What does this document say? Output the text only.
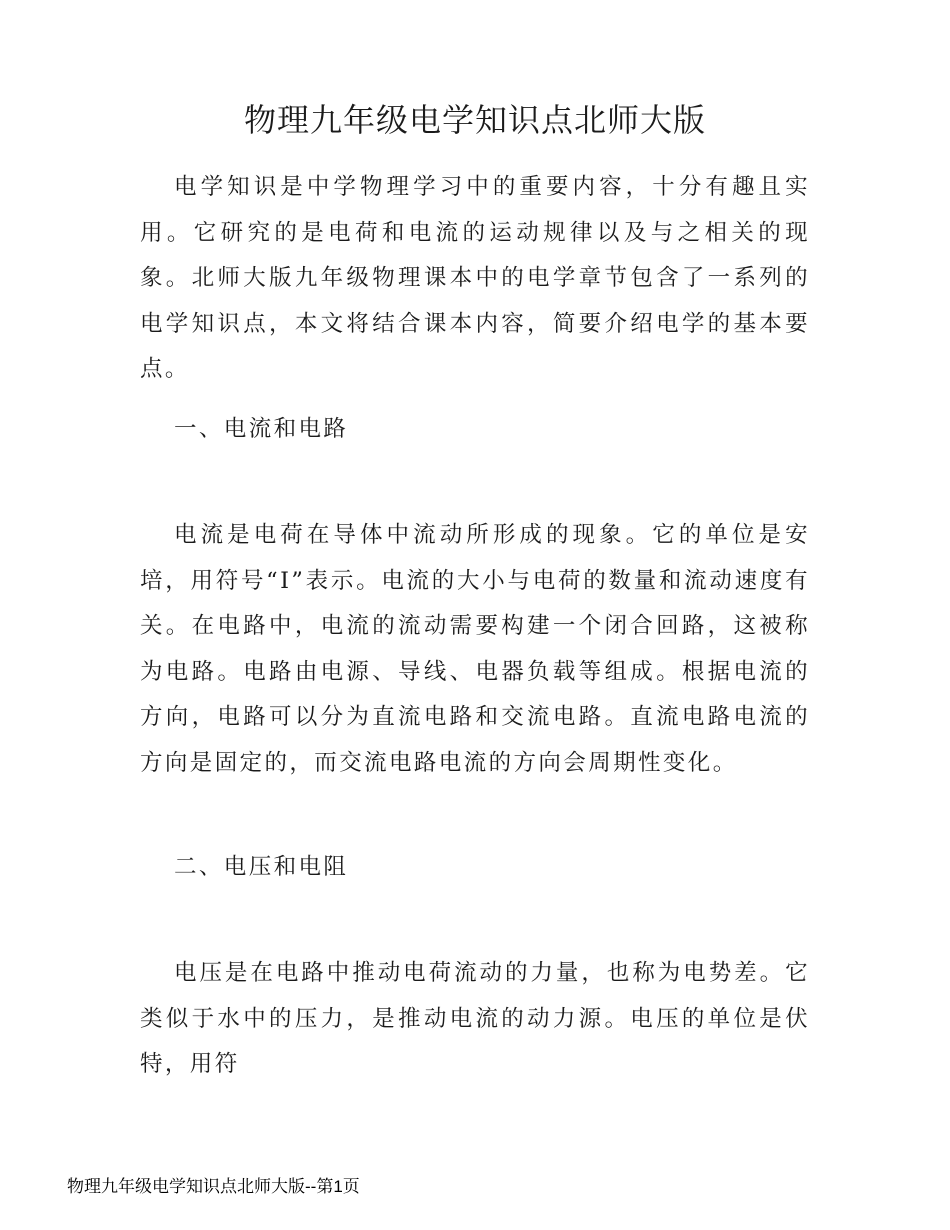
物理九年级电学知识点北师大版

电学知识是中学物理学习中的重要内容，十分有趣且实用。它研究的是电荷和电流的运动规律以及与之相关的现象。北师大版九年级物理课本中的电学章节包含了一系列的电学知识点，本文将结合课本内容，简要介绍电学的基本要点。

一、电流和电路

电流是电荷在导体中流动所形成的现象。它的单位是安培，用符号“I”表示。电流的大小与电荷的数量和流动速度有关。在电路中，电流的流动需要构建一个闭合回路，这被称为电路。电路由电源、导线、电器负载等组成。根据电流的方向，电路可以分为直流电路和交流电路。直流电路电流的方向是固定的，而交流电路电流的方向会周期性变化。

二、电压和电阻

电压是在电路中推动电荷流动的力量，也称为电势差。它类似于水中的压力，是推动电流的动力源。电压的单位是伏特，用符

物理九年级电学知识点北师大版--第1页
